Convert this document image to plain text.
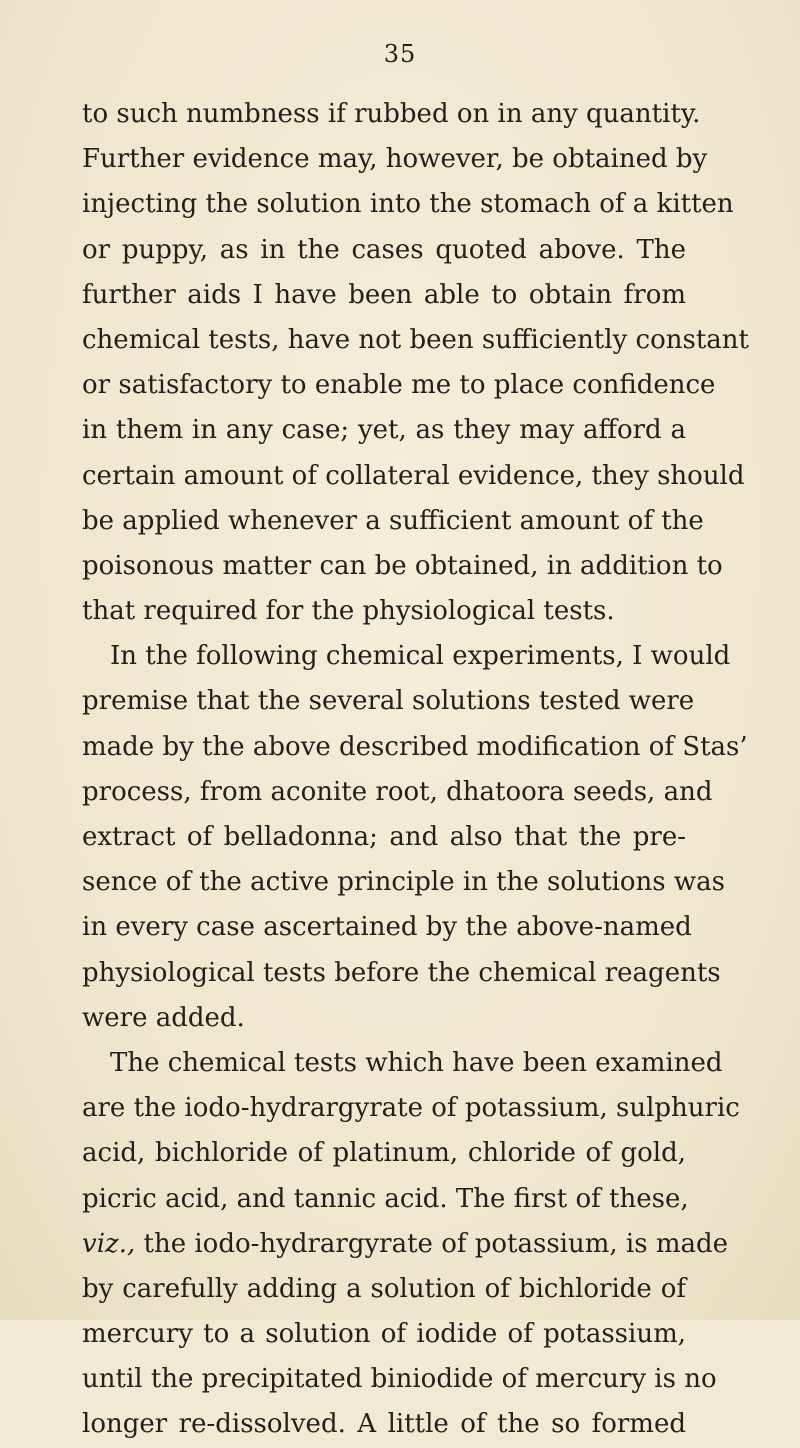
35
to such numbness if rubbed on in any quantity.
Further evidence may, however, be obtained by
injecting the solution into the stomach of a kitten
or puppy, as in the cases quoted above. The
further aids I have been able to obtain from
chemical tests, have not been sufficiently constant
or satisfactory to enable me to place confidence
in them in any case; yet, as they may afford a
certain amount of collateral evidence, they should
be applied whenever a sufficient amount of the
poisonous matter can be obtained, in addition to
that required for the physiological tests.
In the following chemical experiments, I would
premise that the several solutions tested were
made by the above described modification of Stas’
process, from aconite root, dhatoora seeds, and
extract of belladonna; and also that the pre-
sence of the active principle in the solutions was
in every case ascertained by the above-named
physiological tests before the chemical reagents
were added.
The chemical tests which have been examined
are the iodo-hydrargyrate of potassium, sulphuric
acid, bichloride of platinum, chloride of gold,
picric acid, and tannic acid. The first of these,
viz., the iodo-hydrargyrate of potassium, is made
by carefully adding a solution of bichloride of
mercury to a solution of iodide of potassium,
until the precipitated biniodide of mercury is no
longer re-dissolved. A little of the so formed
